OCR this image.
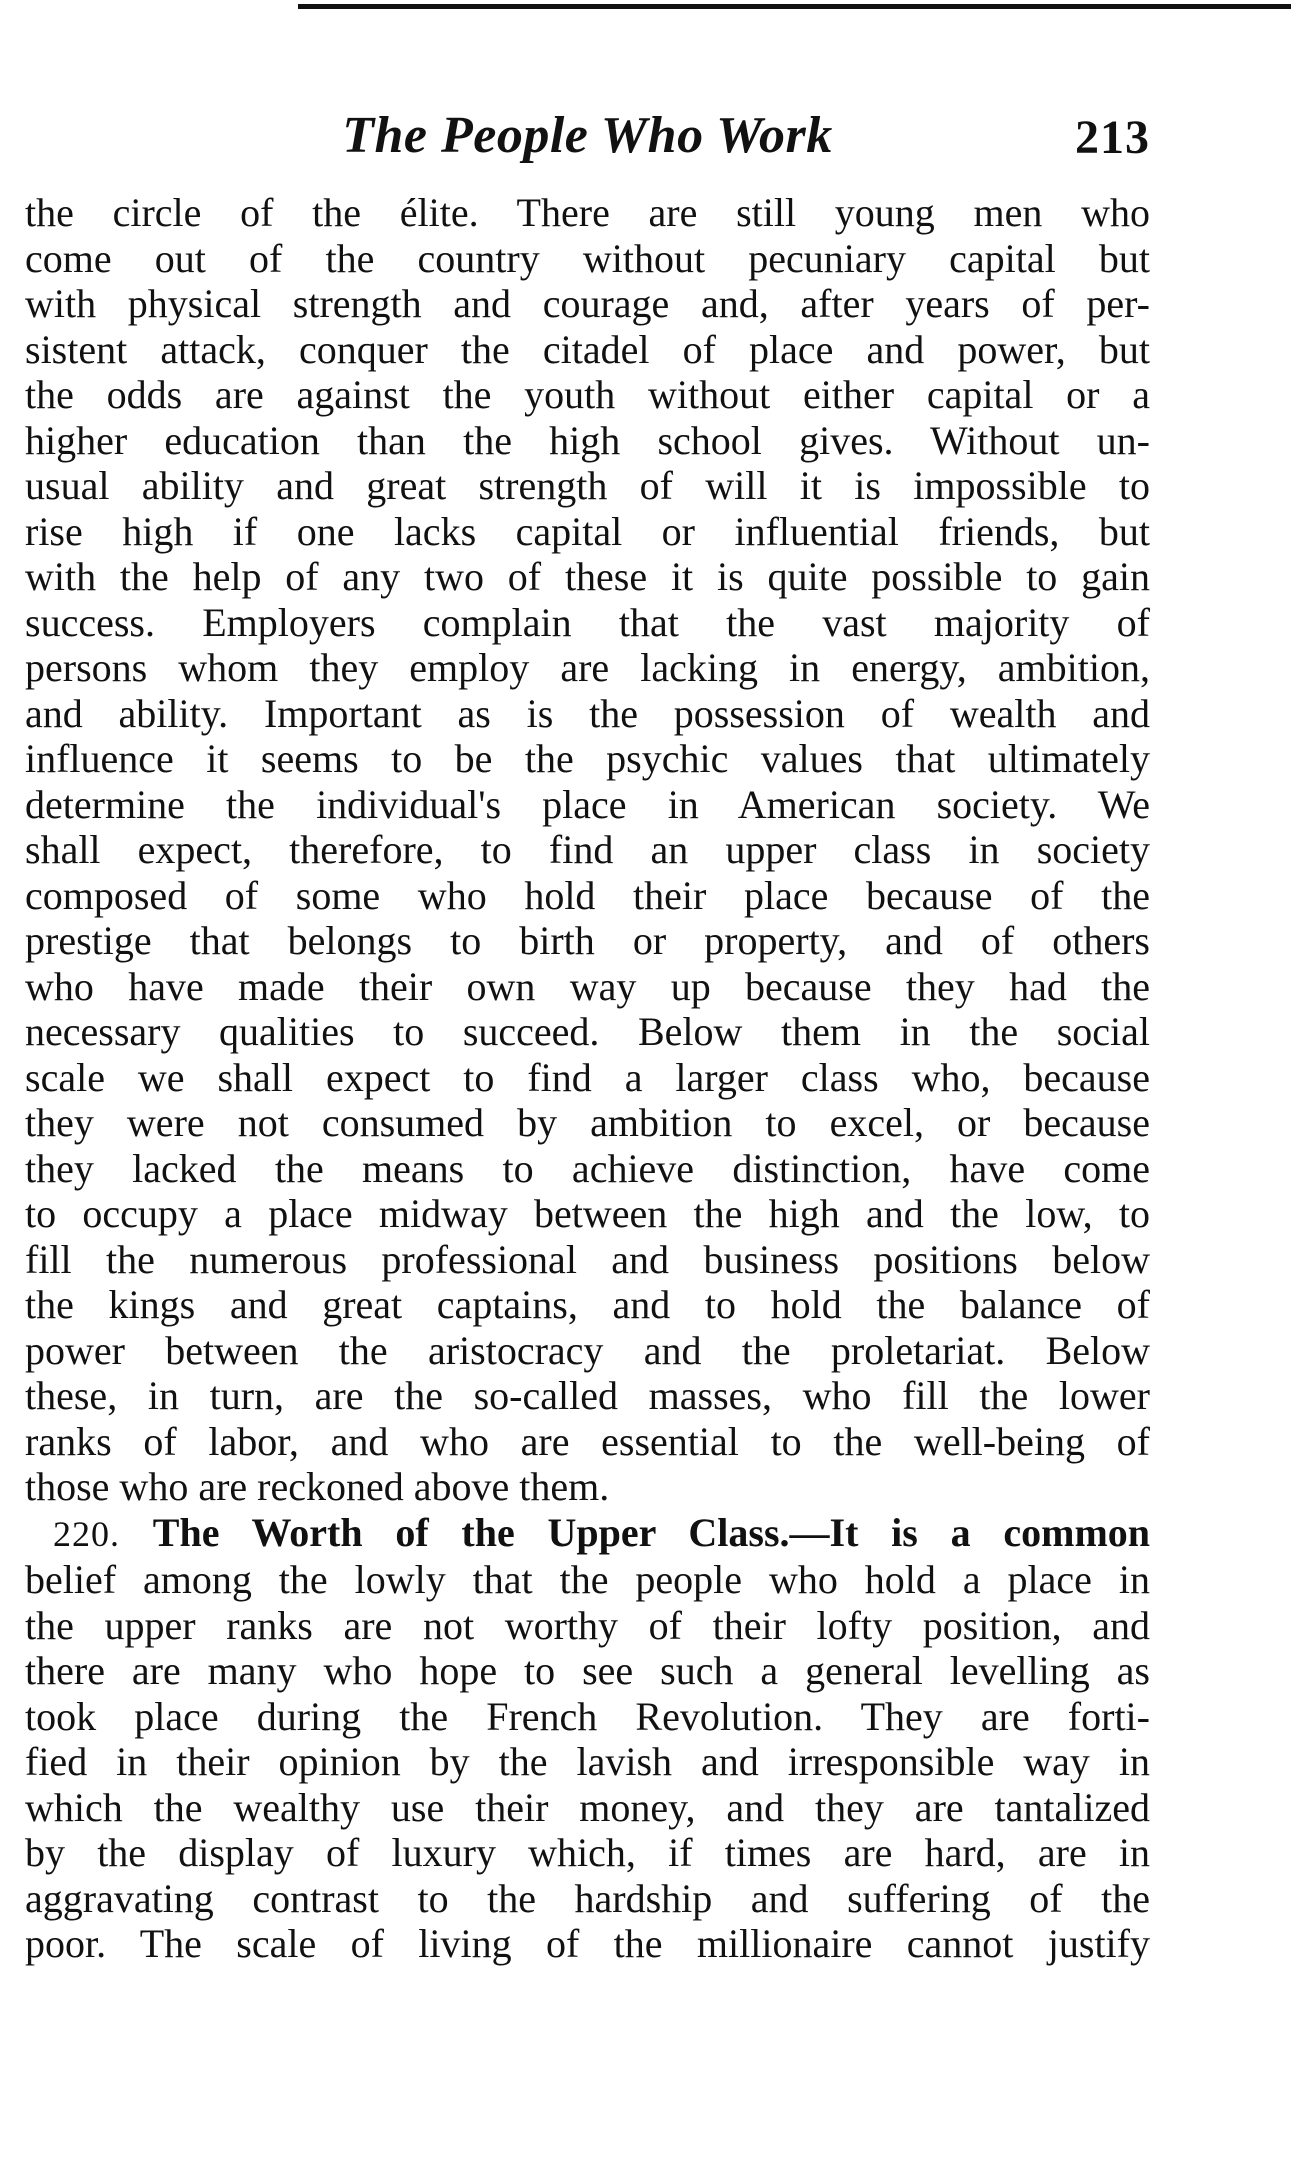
The People Who Work	213

the circle of the élite. There are still young men who
come out of the country without pecuniary capital but
with physical strength and courage and, after years of per-
sistent attack, conquer the citadel of place and power, but
the odds are against the youth without either capital or a
higher education than the high school gives. Without un-
usual ability and great strength of will it is impossible to
rise high if one lacks capital or influential friends, but
with the help of any two of these it is quite possible to gain
success. Employers complain that the vast majority of
persons whom they employ are lacking in energy, ambition,
and ability. Important as is the possession of wealth and
influence it seems to be the psychic values that ultimately
determine the individual's place in American society. We
shall expect, therefore, to find an upper class in society
composed of some who hold their place because of the
prestige that belongs to birth or property, and of others
who have made their own way up because they had the
necessary qualities to succeed. Below them in the social
scale we shall expect to find a larger class who, because
they were not consumed by ambition to excel, or because
they lacked the means to achieve distinction, have come
to occupy a place midway between the high and the low, to
fill the numerous professional and business positions below
the kings and great captains, and to hold the balance of
power between the aristocracy and the proletariat. Below
these, in turn, are the so-called masses, who fill the lower
ranks of labor, and who are essential to the well-being of
those who are reckoned above them.

220. The Worth of the Upper Class.—It is a common
belief among the lowly that the people who hold a place in
the upper ranks are not worthy of their lofty position, and
there are many who hope to see such a general levelling as
took place during the French Revolution. They are forti-
fied in their opinion by the lavish and irresponsible way in
which the wealthy use their money, and they are tantalized
by the display of luxury which, if times are hard, are in
aggravating contrast to the hardship and suffering of the
poor. The scale of living of the millionaire cannot justify
